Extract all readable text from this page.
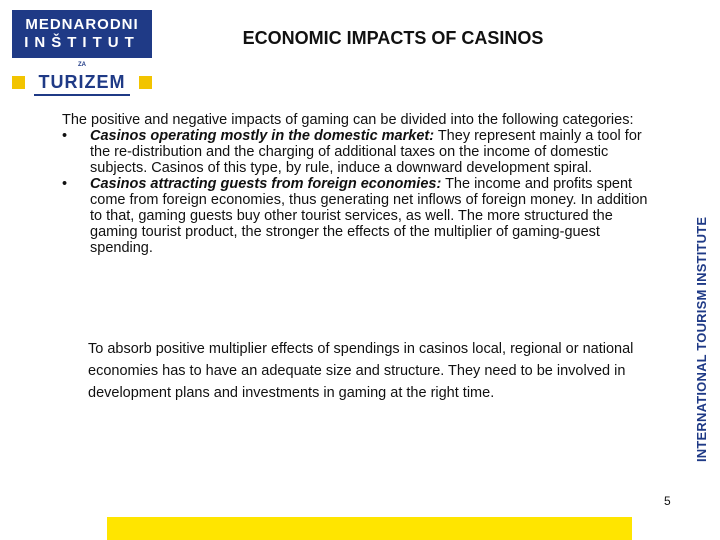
MEDNARODNI
INŠTITUT
ZA
TURIZEM
ECONOMIC IMPACTS OF CASINOS
INTERNATIONAL TOURISM INSTITUTE

The positive and negative impacts of gaming can be divided into the following categories:

• Casinos operating mostly in the domestic market: They represent mainly a tool for the re-distribution and the charging of additional taxes on the income of domestic subjects. Casinos of this type, by rule, induce a downward development spiral.
• Casinos attracting guests from foreign economies: The income and profits spent come from foreign economies, thus generating net inflows of foreign money. In addition to that, gaming guests buy other tourist services, as well. The more structured the gaming tourist product, the stronger the effects of the multiplier of gaming-guest spending.
To absorb positive multiplier effects of spendings in casinos local, regional or national economies has to have an adequate size and structure. They need to be involved in development plans and investments in gaming at the right time.
5
